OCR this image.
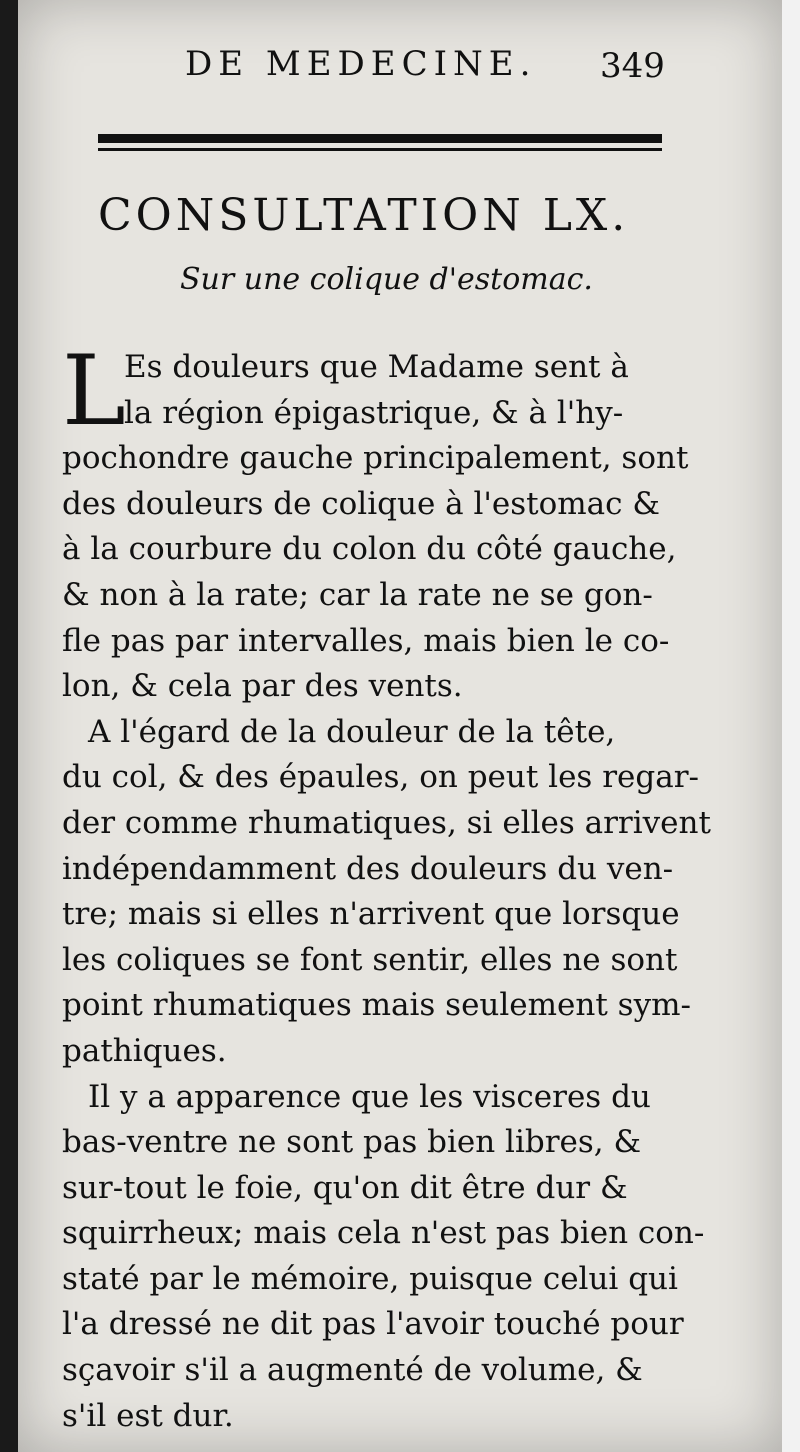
DE MEDECINE. 349
CONSULTATION LX.
Sur une colique d'estomac.
L
Es douleurs que Madame sent à
la région épigastrique, & à l'hy-
pochondre gauche principalement, sont
des douleurs de colique à l'estomac &
à la courbure du colon du côté gauche,
& non à la rate; car la rate ne se gon-
fle pas par intervalles, mais bien le co-
lon, & cela par des vents.
A l'égard de la douleur de la tête,
du col, & des épaules, on peut les regar-
der comme rhumatiques, si elles arrivent
indépendamment des douleurs du ven-
tre; mais si elles n'arrivent que lorsque
les coliques se font sentir, elles ne sont
point rhumatiques mais seulement sym-
pathiques.
Il y a apparence que les visceres du
bas-ventre ne sont pas bien libres, &
sur-tout le foie, qu'on dit être dur &
squirrheux; mais cela n'est pas bien con-
staté par le mémoire, puisque celui qui
l'a dressé ne dit pas l'avoir touché pour
sçavoir s'il a augmenté de volume, &
s'il est dur.
